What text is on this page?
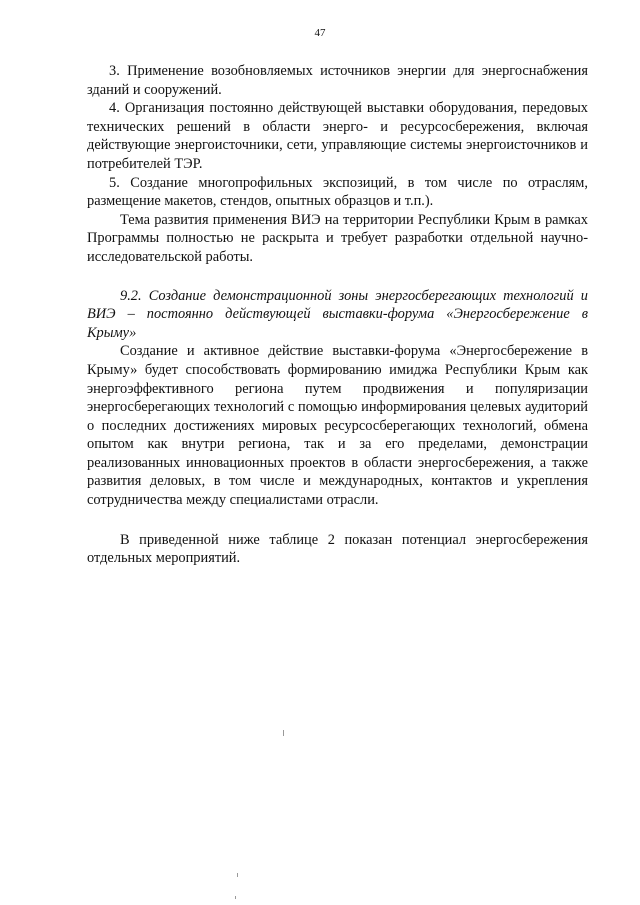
47

3. Применение возобновляемых источников энергии для энергоснабжения зданий и сооружений.

4. Организация постоянно действующей выставки оборудования, передовых технических решений в области энерго- и ресурсосбережения, включая действующие энергоисточники, сети, управляющие системы энергоисточников и потребителей ТЭР.

5. Создание многопрофильных экспозиций, в том числе по отраслям, размещение макетов, стендов, опытных образцов и т.п.).

Тема развития применения ВИЭ на территории Республики Крым в рамках Программы полностью не раскрыта и требует разработки отдельной научно-исследовательской работы.

9.2. Создание демонстрационной зоны энергосберегающих технологий и ВИЭ – постоянно действующей выставки-форума «Энергосбережение в Крыму»

Создание и активное действие выставки-форума «Энергосбережение в Крыму» будет способствовать формированию имиджа Республики Крым как энергоэффективного региона путем продвижения и популяризации энергосберегающих технологий с помощью информирования целевых аудиторий о последних достижениях мировых ресурсосберегающих технологий, обмена опытом как внутри региона, так и за его пределами, демонстрации реализованных инновационных проектов в области энергосбережения, а также развития деловых, в том числе и международных, контактов и укрепления сотрудничества между специалистами отрасли.

В приведенной ниже таблице 2 показан потенциал энергосбережения отдельных мероприятий.
